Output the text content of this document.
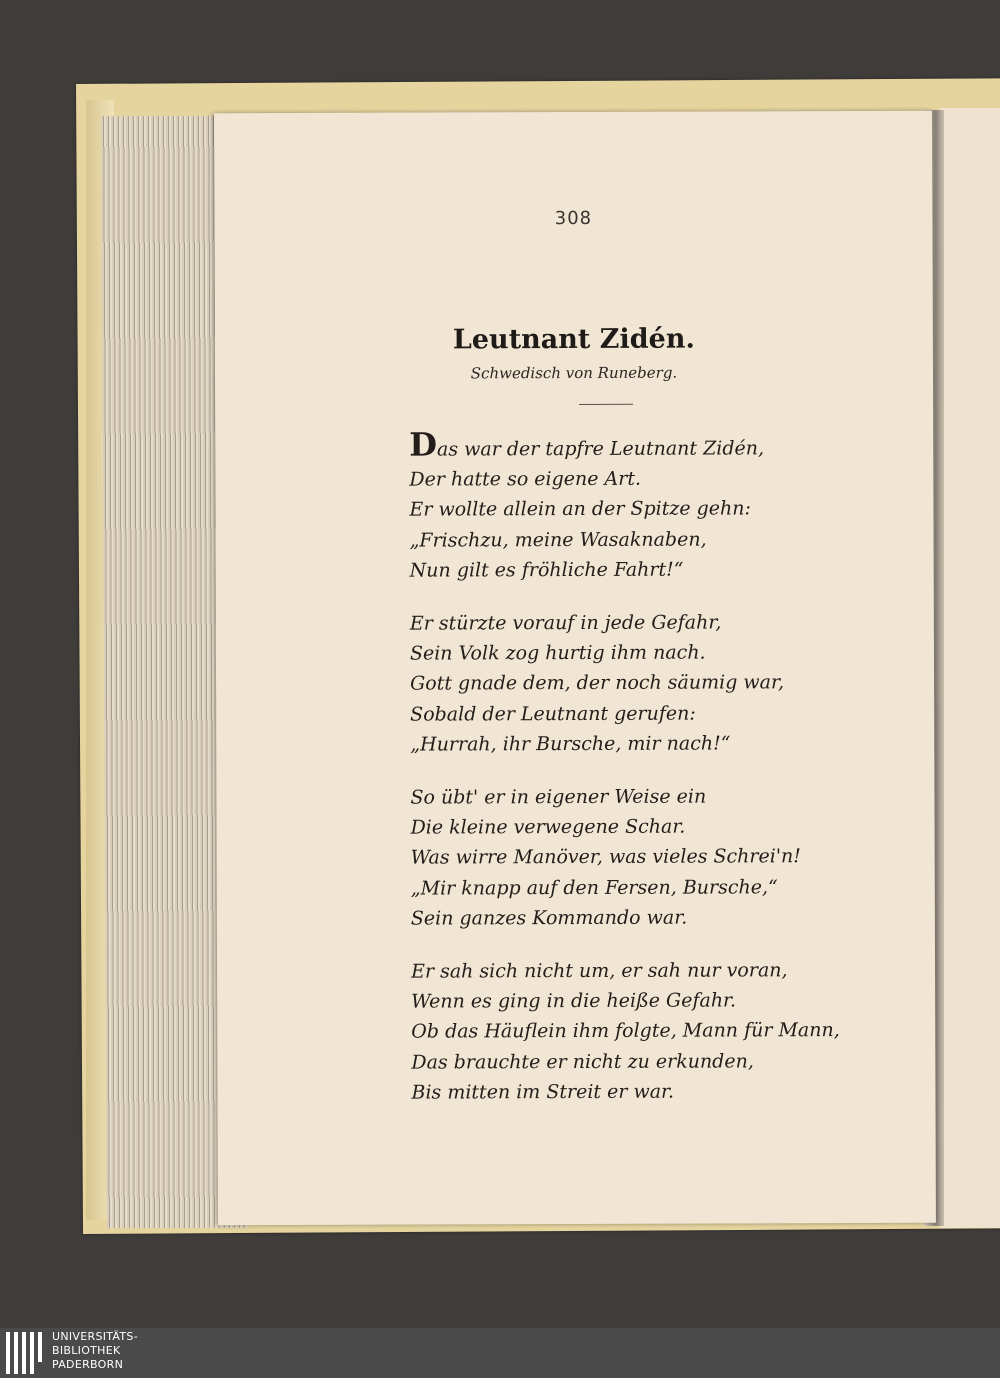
308
Leutnant Zidén.
Schwedisch von Runeberg.
Das war der tapfre Leutnant Zidén,
Der hatte so eigene Art.
Er wollte allein an der Spitze gehn:
„Frischzu, meine Wasaknaben,
Nun gilt es fröhliche Fahrt!“
Er stürzte vorauf in jede Gefahr,
Sein Volk zog hurtig ihm nach.
Gott gnade dem, der noch säumig war,
Sobald der Leutnant gerufen:
„Hurrah, ihr Bursche, mir nach!“
So übt' er in eigener Weise ein
Die kleine verwegene Schar.
Was wirre Manöver, was vieles Schrei'n!
„Mir knapp auf den Fersen, Bursche,“
Sein ganzes Kommando war.
Er sah sich nicht um, er sah nur voran,
Wenn es ging in die heiße Gefahr.
Ob das Häuflein ihm folgte, Mann für Mann,
Das brauchte er nicht zu erkunden,
Bis mitten im Streit er war.
UNIVERSITÄTS-
BIBLIOTHEK
PADERBORN
